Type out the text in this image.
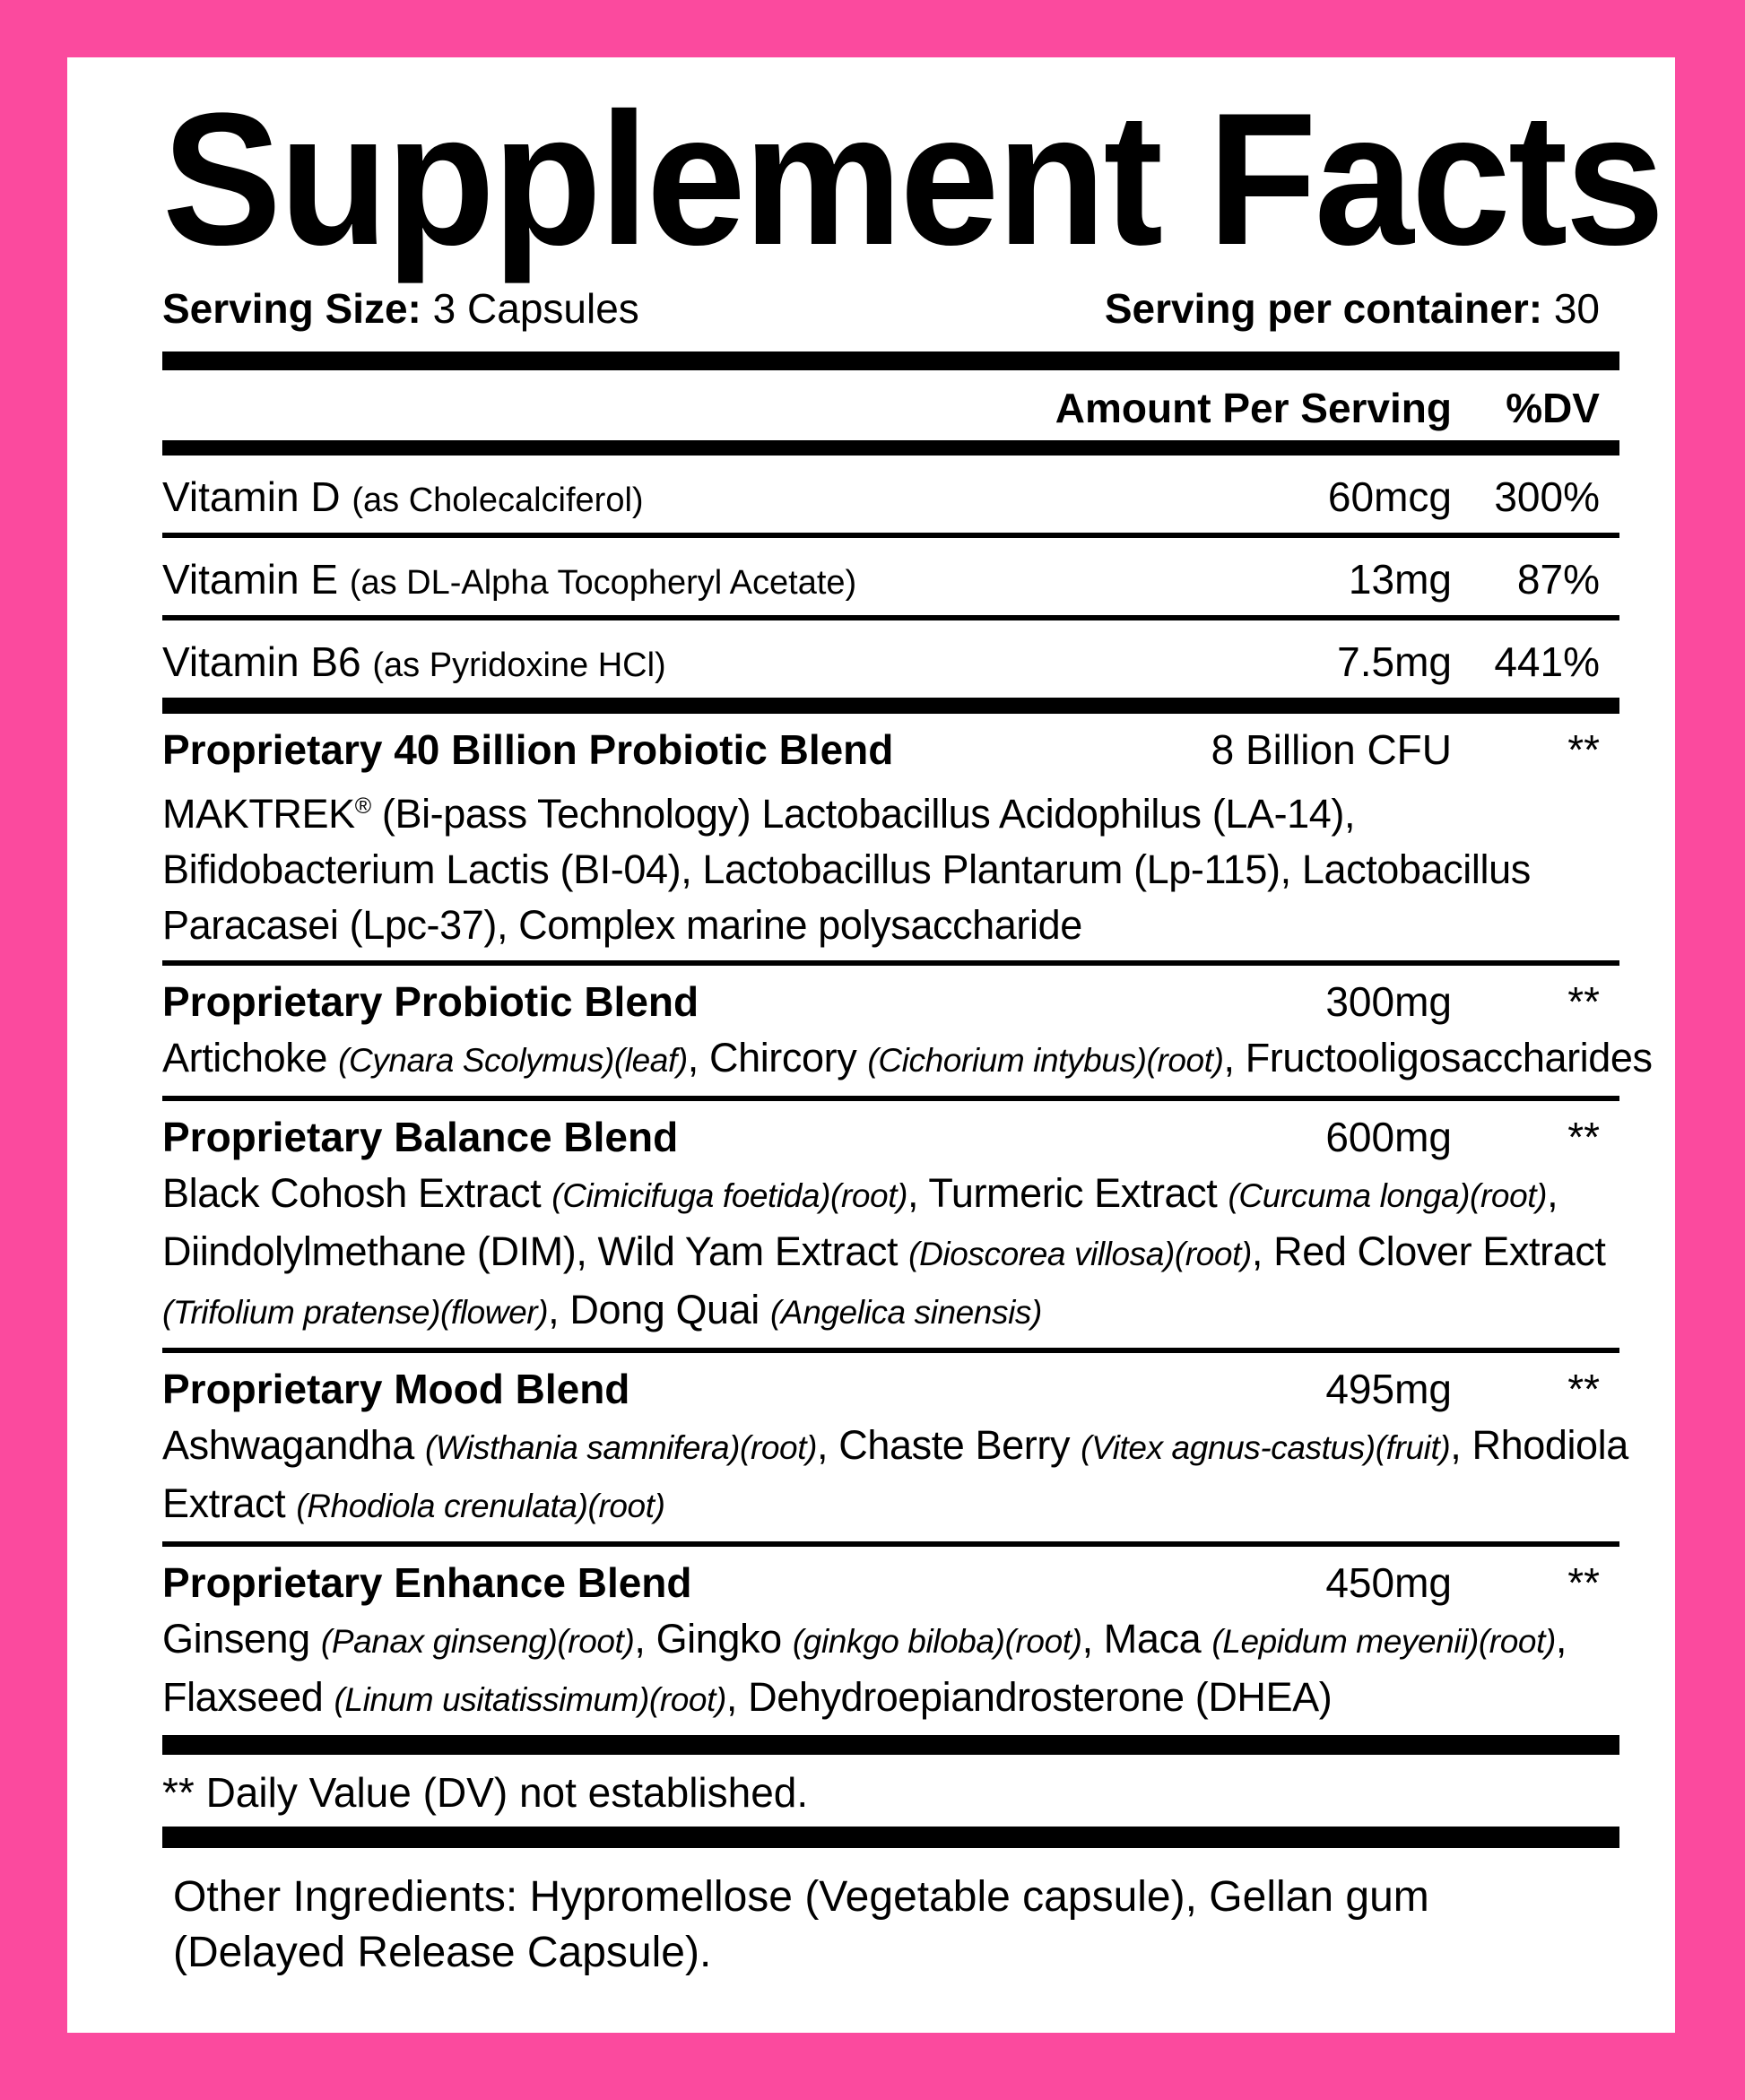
Supplement Facts
Serving Size: 3 Capsules	Serving per container: 30
Amount Per Serving	%DV
Vitamin D (as Cholecalciferol)	60mcg	300%
Vitamin E (as DL-Alpha Tocopheryl Acetate)	13mg	87%
Vitamin B6 (as Pyridoxine HCl)	7.5mg	441%
Proprietary 40 Billion Probiotic Blend	8 Billion CFU	**
MAKTREK® (Bi-pass Technology) Lactobacillus Acidophilus (LA-14),
Bifidobacterium Lactis (BI-04), Lactobacillus Plantarum (Lp-115), Lactobacillus
Paracasei (Lpc-37), Complex marine polysaccharide
Proprietary Probiotic Blend	300mg	**
Artichoke (Cynara Scolymus)(leaf), Chircory (Cichorium intybus)(root), Fructooligosaccharides
Proprietary Balance Blend	600mg	**
Black Cohosh Extract (Cimicifuga foetida)(root), Turmeric Extract (Curcuma longa)(root),
Diindolylmethane (DIM), Wild Yam Extract (Dioscorea villosa)(root), Red Clover Extract
(Trifolium pratense)(flower), Dong Quai (Angelica sinensis)
Proprietary Mood Blend	495mg	**
Ashwagandha (Wisthania samnifera)(root), Chaste Berry (Vitex agnus-castus)(fruit), Rhodiola
Extract (Rhodiola crenulata)(root)
Proprietary Enhance Blend	450mg	**
Ginseng (Panax ginseng)(root), Gingko (ginkgo biloba)(root), Maca (Lepidum meyenii)(root),
Flaxseed (Linum usitatissimum)(root), Dehydroepiandrosterone (DHEA)
** Daily Value (DV) not established.
Other Ingredients: Hypromellose (Vegetable capsule), Gellan gum
(Delayed Release Capsule).
